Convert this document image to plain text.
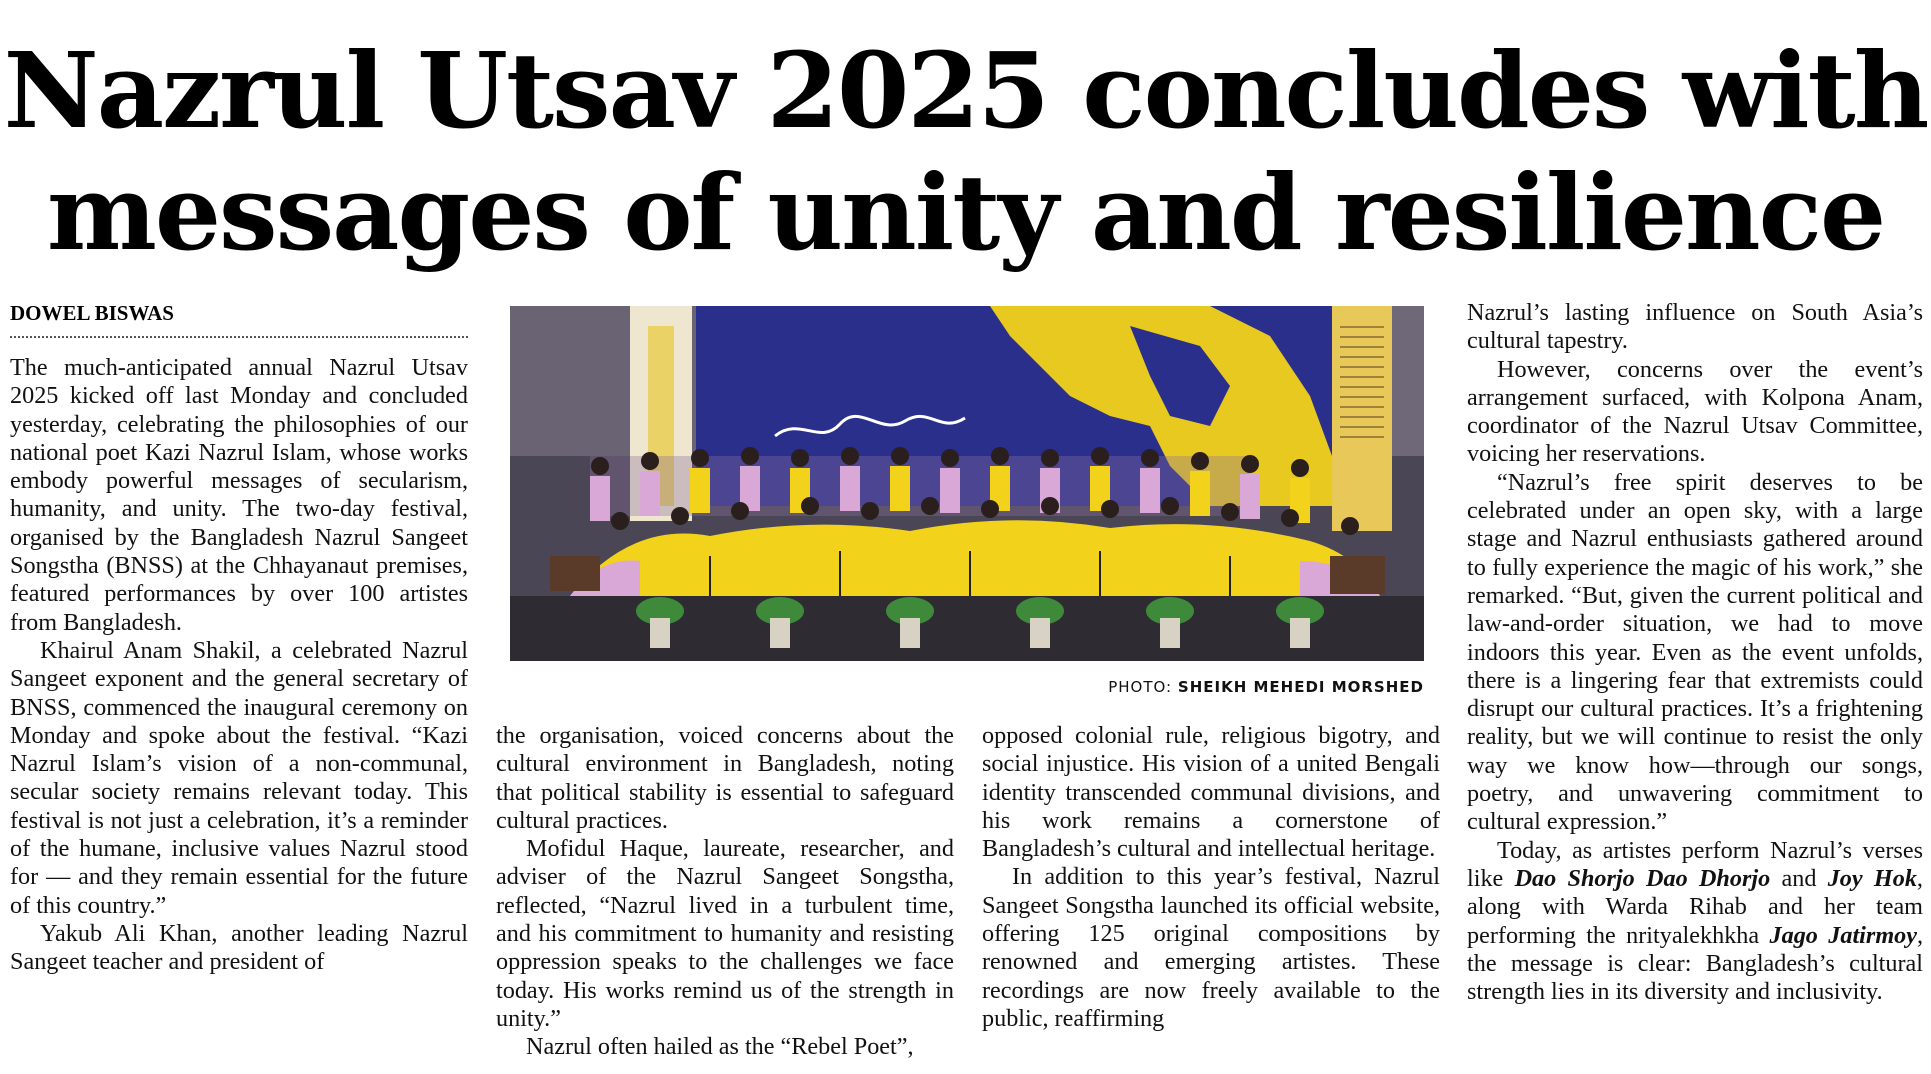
Nazrul Utsav 2025 concludes with messages of unity and resilience
DOWEL BISWAS

The much-anticipated annual Nazrul Utsav 2025 kicked off last Monday and concluded yesterday, celebrating the philosophies of our national poet Kazi Nazrul Islam, whose works embody powerful messages of secularism, humanity, and unity. The two-day festival, organised by the Bangladesh Nazrul Sangeet Songstha (BNSS) at the Chhayanaut premises, featured performances by over 100 artistes from Bangladesh.

Khairul Anam Shakil, a celebrated Nazrul Sangeet exponent and the general secretary of BNSS, commenced the inaugural ceremony on Monday and spoke about the festival. “Kazi Nazrul Islam’s vision of a non-communal, secular society remains relevant today. This festival is not just a celebration, it’s a reminder of the humane, inclusive values Nazrul stood for — and they remain essential for the future of this country.”

Yakub Ali Khan, another leading Nazrul Sangeet teacher and president of

PHOTO: SHEIKH MEHEDI MORSHED

the organisation, voiced concerns about the cultural environment in Bangladesh, noting that political stability is essential to safeguard cultural practices.

Mofidul Haque, laureate, researcher, and adviser of the Nazrul Sangeet Songstha, reflected, “Nazrul lived in a turbulent time, and his commitment to humanity and resisting oppression speaks to the challenges we face today. His works remind us of the strength in unity.”

Nazrul often hailed as the “Rebel Poet”,

opposed colonial rule, religious bigotry, and social injustice. His vision of a united Bengali identity transcended communal divisions, and his work remains a cornerstone of Bangladesh’s cultural and intellectual heritage.

In addition to this year’s festival, Nazrul Sangeet Songstha launched its official website, offering 125 original compositions by renowned and emerging artistes. These recordings are now freely available to the public, reaffirming

Nazrul’s lasting influence on South Asia’s cultural tapestry.

However, concerns over the event’s arrangement surfaced, with Kolpona Anam, coordinator of the Nazrul Utsav Committee, voicing her reservations.

“Nazrul’s free spirit deserves to be celebrated under an open sky, with a large stage and Nazrul enthusiasts gathered around to fully experience the magic of his work,” she remarked. “But, given the current political and law-and-order situation, we had to move indoors this year. Even as the event unfolds, there is a lingering fear that extremists could disrupt our cultural practices. It’s a frightening reality, but we will continue to resist the only way we know how—through our songs, poetry, and unwavering commitment to cultural expression.”

Today, as artistes perform Nazrul’s verses like Dao Shorjo Dao Dhorjo and Joy Hok, along with Warda Rihab and her team performing the nrityalekhkha Jago Jatirmoy, the message is clear: Bangladesh’s cultural strength lies in its diversity and inclusivity.
